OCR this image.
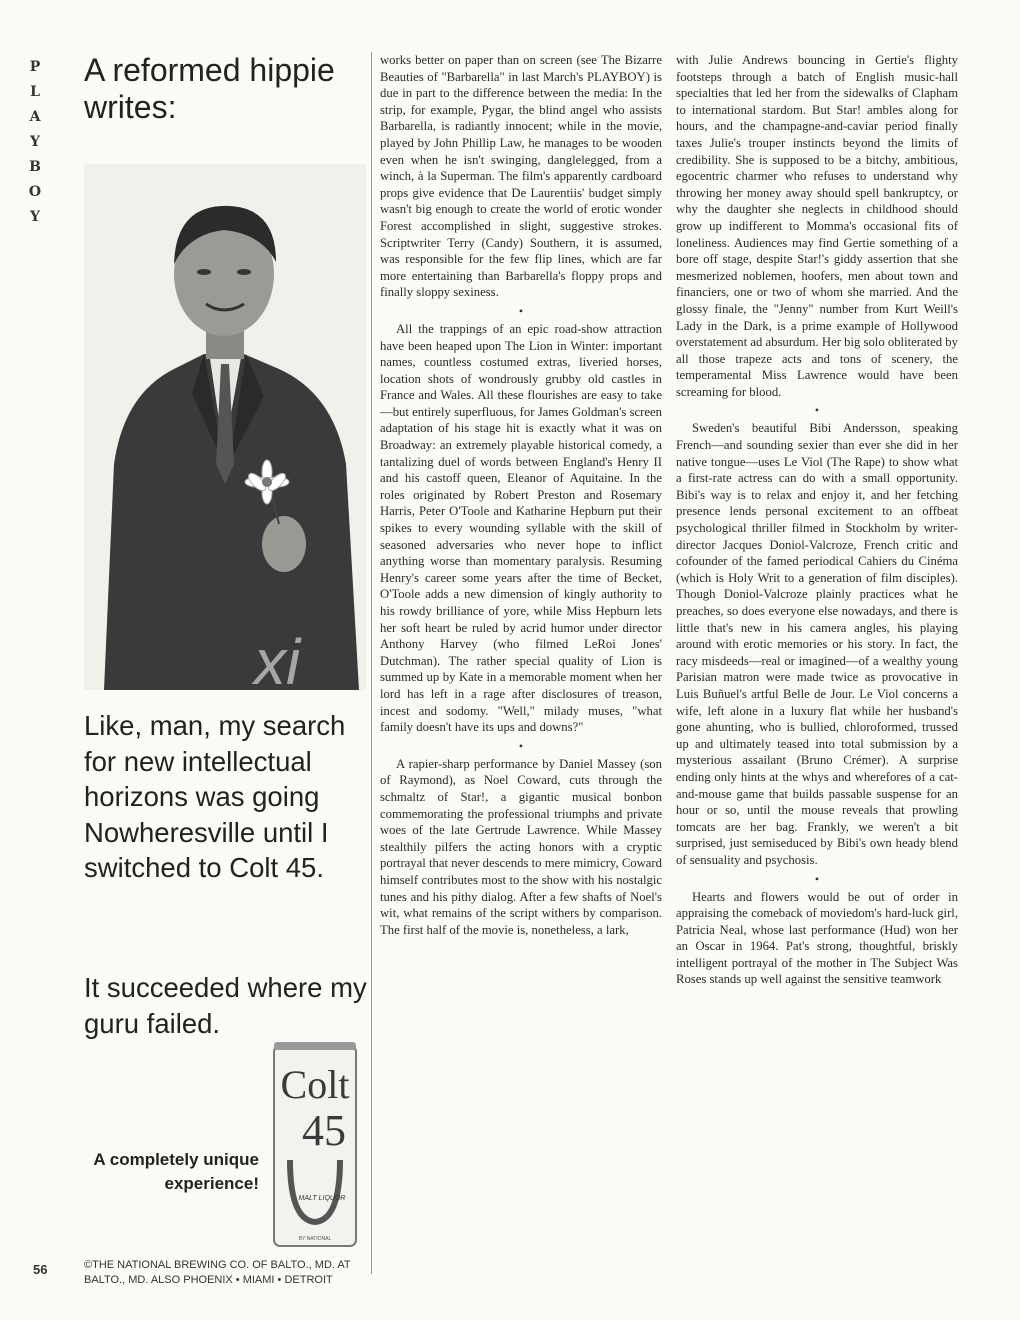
P
L
A
Y
B
O
Y
A reformed hippie writes:
xi

Like, man, my search for new intellectual horizons was going Nowheresville until I switched to Colt 45.

It succeeded where my guru failed.

A completely unique experience!
Colt
45
MALT LIQUOR
BY NATIONAL
56	©THE NATIONAL BREWING CO. OF BALTO., MD. AT BALTO., MD. ALSO PHOENIX • MIAMI • DETROIT

works better on paper than on screen (see The Bizarre Beauties of "Barbarella" in last March's PLAYBOY) is due in part to the difference between the media: In the strip, for example, Pygar, the blind angel who assists Barbarella, is radiantly innocent; while in the movie, played by John Phillip Law, he manages to be wooden even when he isn't swinging, danglelegged, from a winch, à la Superman. The film's apparently cardboard props give evidence that De Laurentiis' budget simply wasn't big enough to create the world of erotic wonder Forest accomplished in slight, suggestive strokes. Scriptwriter Terry (Candy) Southern, it is assumed, was responsible for the few flip lines, which are far more entertaining than Barbarella's floppy props and finally sloppy sexiness.

•

All the trappings of an epic road-show attraction have been heaped upon The Lion in Winter: important names, countless costumed extras, liveried horses, location shots of wondrously grubby old castles in France and Wales. All these flourishes are easy to take—but entirely superfluous, for James Goldman's screen adaptation of his stage hit is exactly what it was on Broadway: an extremely playable historical comedy, a tantalizing duel of words between England's Henry II and his castoff queen, Eleanor of Aquitaine. In the roles originated by Robert Preston and Rosemary Harris, Peter O'Toole and Katharine Hepburn put their spikes to every wounding syllable with the skill of seasoned adversaries who never hope to inflict anything worse than momentary paralysis. Resuming Henry's career some years after the time of Becket, O'Toole adds a new dimension of kingly authority to his rowdy brilliance of yore, while Miss Hepburn lets her soft heart be ruled by acrid humor under director Anthony Harvey (who filmed LeRoi Jones' Dutchman). The rather special quality of Lion is summed up by Kate in a memorable moment when her lord has left in a rage after disclosures of treason, incest and sodomy. "Well," milady muses, "what family doesn't have its ups and downs?"

•

A rapier-sharp performance by Daniel Massey (son of Raymond), as Noel Coward, cuts through the schmaltz of Star!, a gigantic musical bonbon commemorating the professional triumphs and private woes of the late Gertrude Lawrence. While Massey stealthily pilfers the acting honors with a cryptic portrayal that never descends to mere mimicry, Coward himself contributes most to the show with his nostalgic tunes and his pithy dialog. After a few shafts of Noel's wit, what remains of the script withers by comparison. The first half of the movie is, nonetheless, a lark,

with Julie Andrews bouncing in Gertie's flighty footsteps through a batch of English music-hall specialties that led her from the sidewalks of Clapham to international stardom. But Star! ambles along for hours, and the champagne-and-caviar period finally taxes Julie's trouper instincts beyond the limits of credibility. She is supposed to be a bitchy, ambitious, egocentric charmer who refuses to understand why throwing her money away should spell bankruptcy, or why the daughter she neglects in childhood should grow up indifferent to Momma's occasional fits of loneliness. Audiences may find Gertie something of a bore off stage, despite Star!'s giddy assertion that she mesmerized noblemen, hoofers, men about town and financiers, one or two of whom she married. And the glossy finale, the "Jenny" number from Kurt Weill's Lady in the Dark, is a prime example of Hollywood overstatement ad absurdum. Her big solo obliterated by all those trapeze acts and tons of scenery, the temperamental Miss Lawrence would have been screaming for blood.

•

Sweden's beautiful Bibi Andersson, speaking French—and sounding sexier than ever she did in her native tongue—uses Le Viol (The Rape) to show what a first-rate actress can do with a small opportunity. Bibi's way is to relax and enjoy it, and her fetching presence lends personal excitement to an offbeat psychological thriller filmed in Stockholm by writer-director Jacques Doniol-Valcroze, French critic and cofounder of the famed periodical Cahiers du Cinéma (which is Holy Writ to a generation of film disciples). Though Doniol-Valcroze plainly practices what he preaches, so does everyone else nowadays, and there is little that's new in his camera angles, his playing around with erotic memories or his story. In fact, the racy misdeeds—real or imagined—of a wealthy young Parisian matron were made twice as provocative in Luis Buñuel's artful Belle de Jour. Le Viol concerns a wife, left alone in a luxury flat while her husband's gone ahunting, who is bullied, chloroformed, trussed up and ultimately teased into total submission by a mysterious assailant (Bruno Crémer). A surprise ending only hints at the whys and wherefores of a cat-and-mouse game that builds passable suspense for an hour or so, until the mouse reveals that prowling tomcats are her bag. Frankly, we weren't a bit surprised, just semiseduced by Bibi's own heady blend of sensuality and psychosis.

•

Hearts and flowers would be out of order in appraising the comeback of moviedom's hard-luck girl, Patricia Neal, whose last performance (Hud) won her an Oscar in 1964. Pat's strong, thoughtful, briskly intelligent portrayal of the mother in The Subject Was Roses stands up well against the sensitive teamwork
